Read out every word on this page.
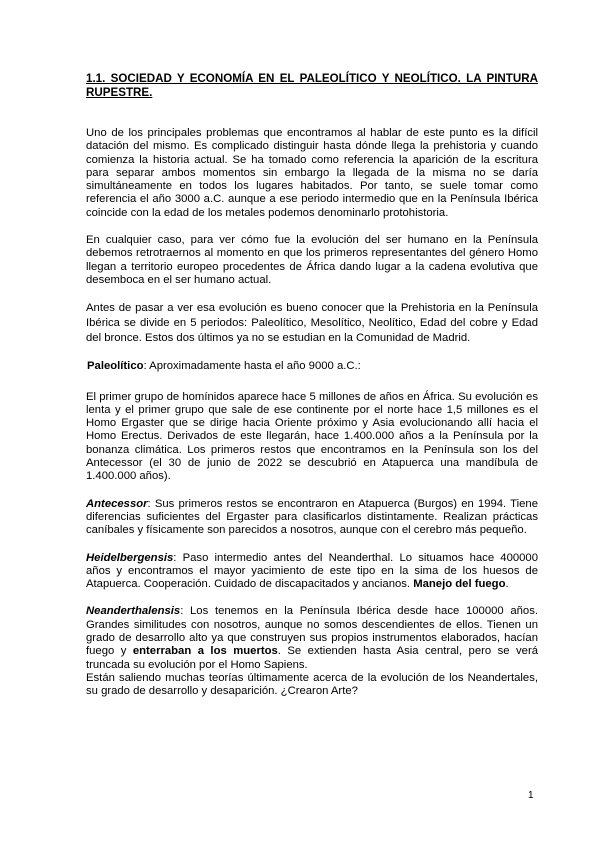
1.1. SOCIEDAD Y ECONOMÍA EN EL PALEOLÍTICO Y NEOLÍTICO. LA PINTURA RUPESTRE.

Uno de los principales problemas que encontramos al hablar de este punto es la difícil datación del mismo. Es complicado distinguir hasta dónde llega la prehistoria y cuando comienza la historia actual. Se ha tomado como referencia la aparición de la escritura para separar ambos momentos sin embargo la llegada de la misma no se daría simultáneamente en todos los lugares habitados. Por tanto, se suele tomar como referencia el año 3000 a.C. aunque a ese periodo intermedio que en la Península Ibérica coincide con la edad de los metales podemos denominarlo protohistoria.

En cualquier caso, para ver cómo fue la evolución del ser humano en la Península debemos retrotraernos al momento en que los primeros representantes del género Homo llegan a territorio europeo procedentes de África dando lugar a la cadena evolutiva que desemboca en el ser humano actual.

Antes de pasar a ver esa evolución es bueno conocer que la Prehistoria en la Península Ibérica se divide en 5 periodos: Paleolítico, Mesolítico, Neolítico, Edad del cobre y Edad del bronce. Estos dos últimos ya no se estudian en la Comunidad de Madrid.

Paleolítico: Aproximadamente hasta el año 9000 a.C.:

El primer grupo de homínidos aparece hace 5 millones de años en África. Su evolución es lenta y el primer grupo que sale de ese continente por el norte hace 1,5 millones es el Homo Ergaster que se dirige hacia Oriente próximo y Asia evolucionando allí hacia el Homo Erectus. Derivados de este llegarán, hace 1.400.000 años a la Península por la bonanza climática. Los primeros restos que encontramos en la Península son los del Antecessor (el 30 de junio de 2022 se descubrió en Atapuerca una mandíbula de 1.400.000 años).

Antecessor: Sus primeros restos se encontraron en Atapuerca (Burgos) en 1994. Tiene diferencias suficientes del Ergaster para clasificarlos distintamente. Realizan prácticas caníbales y físicamente son parecidos a nosotros, aunque con el cerebro más pequeño.

Heidelbergensis: Paso intermedio antes del Neanderthal. Lo situamos hace 400000 años y encontramos el mayor yacimiento de este tipo en la sima de los huesos de Atapuerca. Cooperación. Cuidado de discapacitados y ancianos. Manejo del fuego.

Neanderthalensis: Los tenemos en la Península Ibérica desde hace 100000 años. Grandes similitudes con nosotros, aunque no somos descendientes de ellos. Tienen un grado de desarrollo alto ya que construyen sus propios instrumentos elaborados, hacían fuego y enterraban a los muertos. Se extienden hasta Asia central, pero se verá truncada su evolución por el Homo Sapiens.

Están saliendo muchas teorías últimamente acerca de la evolución de los Neandertales, su grado de desarrollo y desaparición. ¿Crearon Arte?

1
